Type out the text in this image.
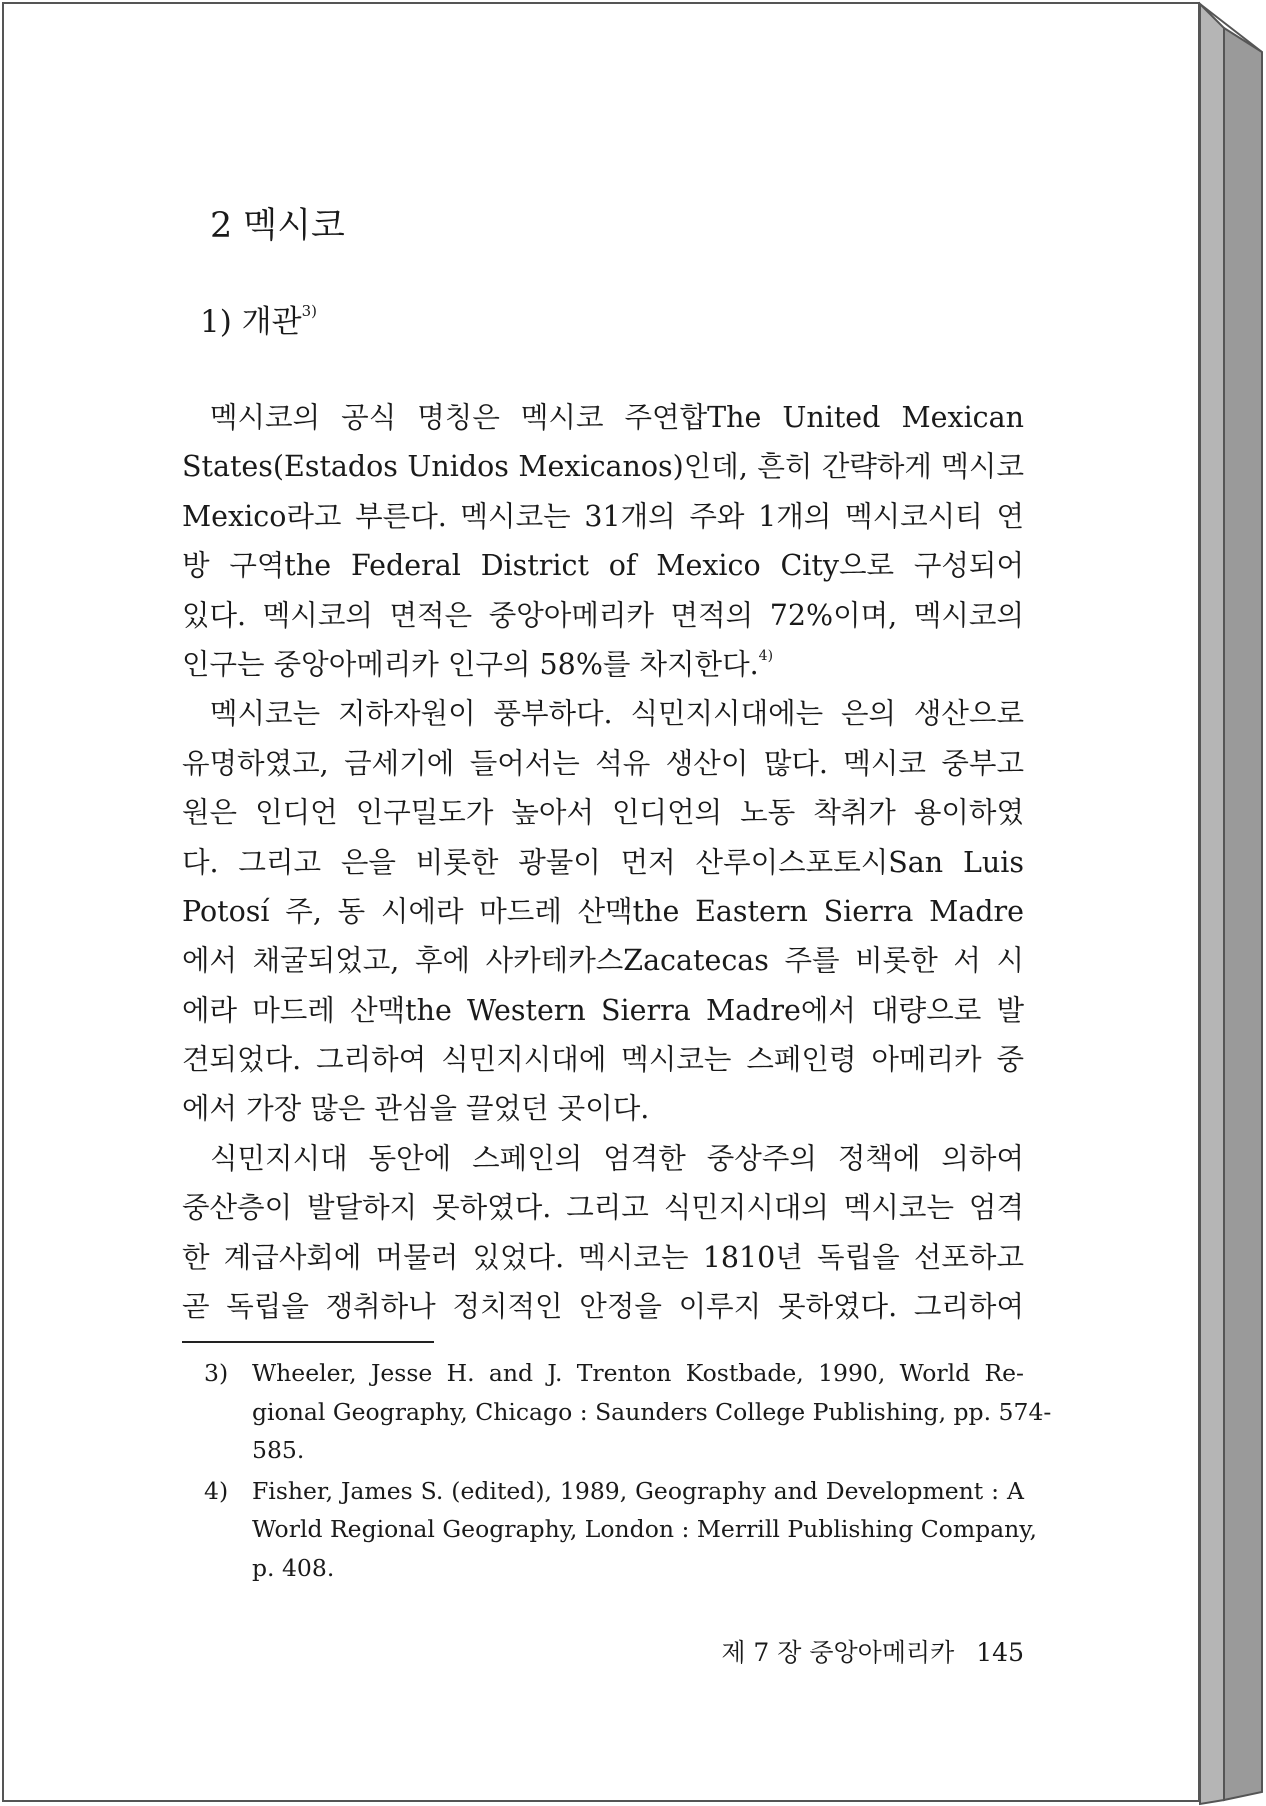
2 멕시코
1) 개관$^{3)}$
멕시코의 공식 명칭은 멕시코 주연합The United Mexican
States(Estados Unidos Mexicanos)인데, 흔히 간략하게 멕시코
Mexico라고 부른다. 멕시코는 31개의 주와 1개의 멕시코시티 연
방 구역the Federal District of Mexico City으로 구성되어
있다. 멕시코의 면적은 중앙아메리카 면적의 72%이며, 멕시코의
인구는 중앙아메리카 인구의 58%를 차지한다.$^{4)}$
멕시코는 지하자원이 풍부하다. 식민지시대에는 은의 생산으로
유명하였고, 금세기에 들어서는 석유 생산이 많다. 멕시코 중부고
원은 인디언 인구밀도가 높아서 인디언의 노동 착취가 용이하였
다. 그리고 은을 비롯한 광물이 먼저 산루이스포토시San Luis
Potosí 주, 동 시에라 마드레 산맥the Eastern Sierra Madre
에서 채굴되었고, 후에 사카테카스Zacatecas 주를 비롯한 서 시
에라 마드레 산맥the Western Sierra Madre에서 대량으로 발
견되었다. 그리하여 식민지시대에 멕시코는 스페인령 아메리카 중
에서 가장 많은 관심을 끌었던 곳이다.
식민지시대 동안에 스페인의 엄격한 중상주의 정책에 의하여
중산층이 발달하지 못하였다. 그리고 식민지시대의 멕시코는 엄격
한 계급사회에 머물러 있었다. 멕시코는 1810년 독립을 선포하고
곧 독립을 쟁취하나 정치적인 안정을 이루지 못하였다. 그리하여
3) Wheeler, Jesse H. and J. Trenton Kostbade, 1990, World Re-
gional Geography, Chicago : Saunders College Publishing, pp. 574-
585.
4) Fisher, James S. (edited), 1989, Geography and Development : A
World Regional Geography, London : Merrill Publishing Company,
p. 408.
제 7 장 중앙아메리카 145
